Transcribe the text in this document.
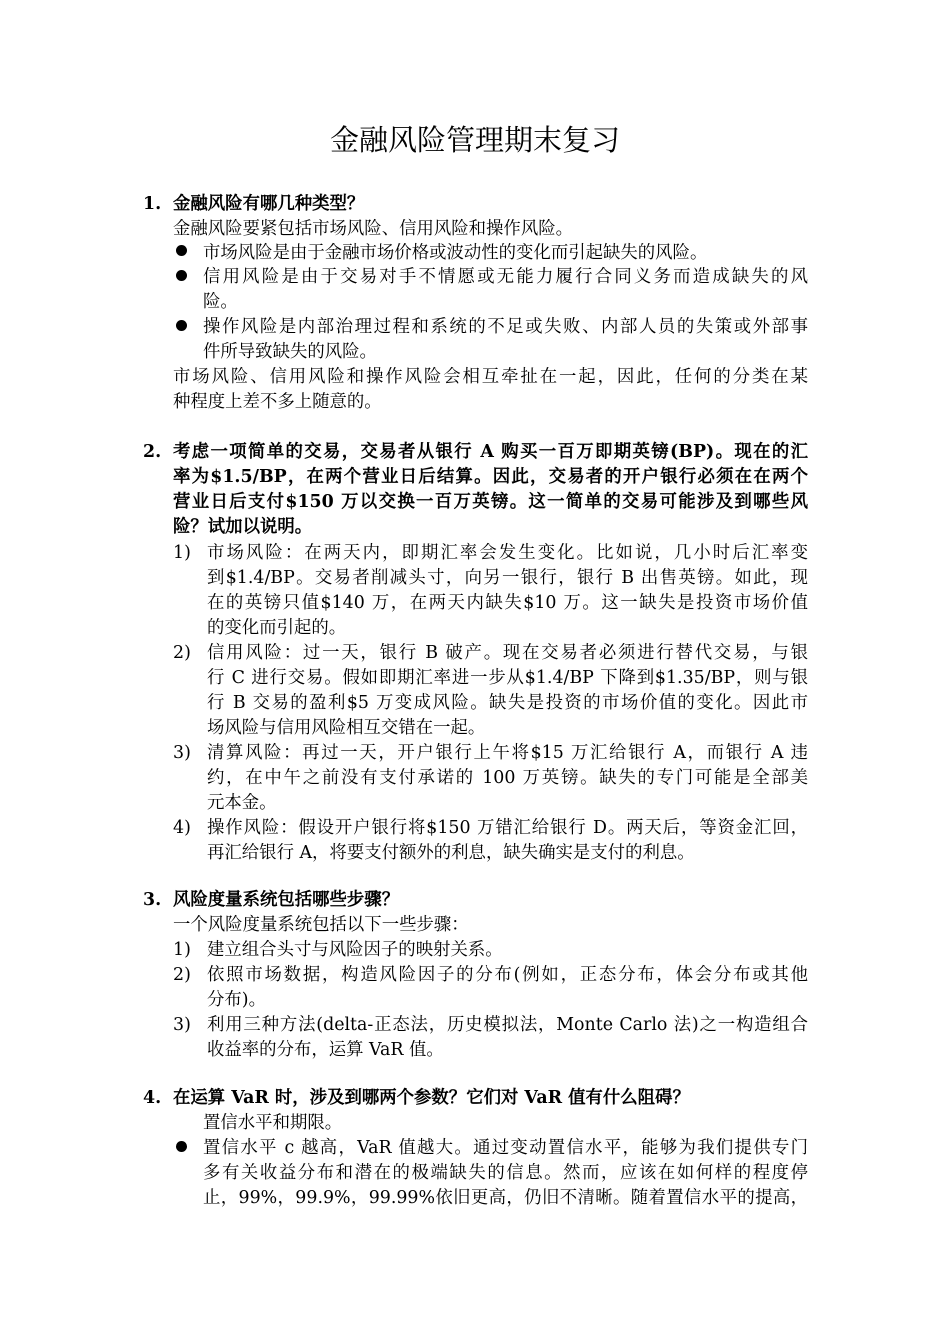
金融风险管理期末复习
1. 金融风险有哪几种类型？
金融风险要紧包括市场风险、信用风险和操作风险。
市场风险是由于金融市场价格或波动性的变化而引起缺失的风险。
信用风险是由于交易对手不情愿或无能力履行合同义务而造成缺失的风
险。
操作风险是内部治理过程和系统的不足或失败、内部人员的失策或外部事
件所导致缺失的风险。
市场风险、信用风险和操作风险会相互牵扯在一起，因此，任何的分类在某
种程度上差不多上随意的。
2. 考虑一项简单的交易，交易者从银行 A 购买一百万即期英镑(BP)。现在的汇
率为$1.5/BP，在两个营业日后结算。因此，交易者的开户银行必须在在两个
营业日后支付$150 万以交换一百万英镑。这一简单的交易可能涉及到哪些风
险？试加以说明。
1) 市场风险：在两天内，即期汇率会发生变化。比如说，几小时后汇率变
到$1.4/BP。交易者削减头寸，向另一银行，银行 B 出售英镑。如此，现
在的英镑只值$140 万，在两天内缺失$10 万。这一缺失是投资市场价值
的变化而引起的。
2) 信用风险：过一天，银行 B 破产。现在交易者必须进行替代交易，与银
行 C 进行交易。假如即期汇率进一步从$1.4/BP 下降到$1.35/BP，则与银
行 B 交易的盈利$5 万变成风险。缺失是投资的市场价值的变化。因此市
场风险与信用风险相互交错在一起。
3) 清算风险：再过一天，开户银行上午将$15 万汇给银行 A，而银行 A 违
约，在中午之前没有支付承诺的 100 万英镑。缺失的专门可能是全部美
元本金。
4) 操作风险：假设开户银行将$150 万错汇给银行 D。两天后，等资金汇回，
再汇给银行 A，将要支付额外的利息，缺失确实是支付的利息。
3. 风险度量系统包括哪些步骤？
一个风险度量系统包括以下一些步骤：
1) 建立组合头寸与风险因子的映射关系。
2) 依照市场数据，构造风险因子的分布(例如，正态分布，体会分布或其他
分布)。
3) 利用三种方法(delta-正态法，历史模拟法，Monte Carlo 法)之一构造组合
收益率的分布，运算 VaR 值。
4. 在运算 VaR 时，涉及到哪两个参数？它们对 VaR 值有什么阻碍？
置信水平和期限。
置信水平 c 越高，VaR 值越大。通过变动置信水平，能够为我们提供专门
多有关收益分布和潜在的极端缺失的信息。然而，应该在如何样的程度停
止，99%，99.9%，99.99%依旧更高，仍旧不清晰。随着置信水平的提高，
